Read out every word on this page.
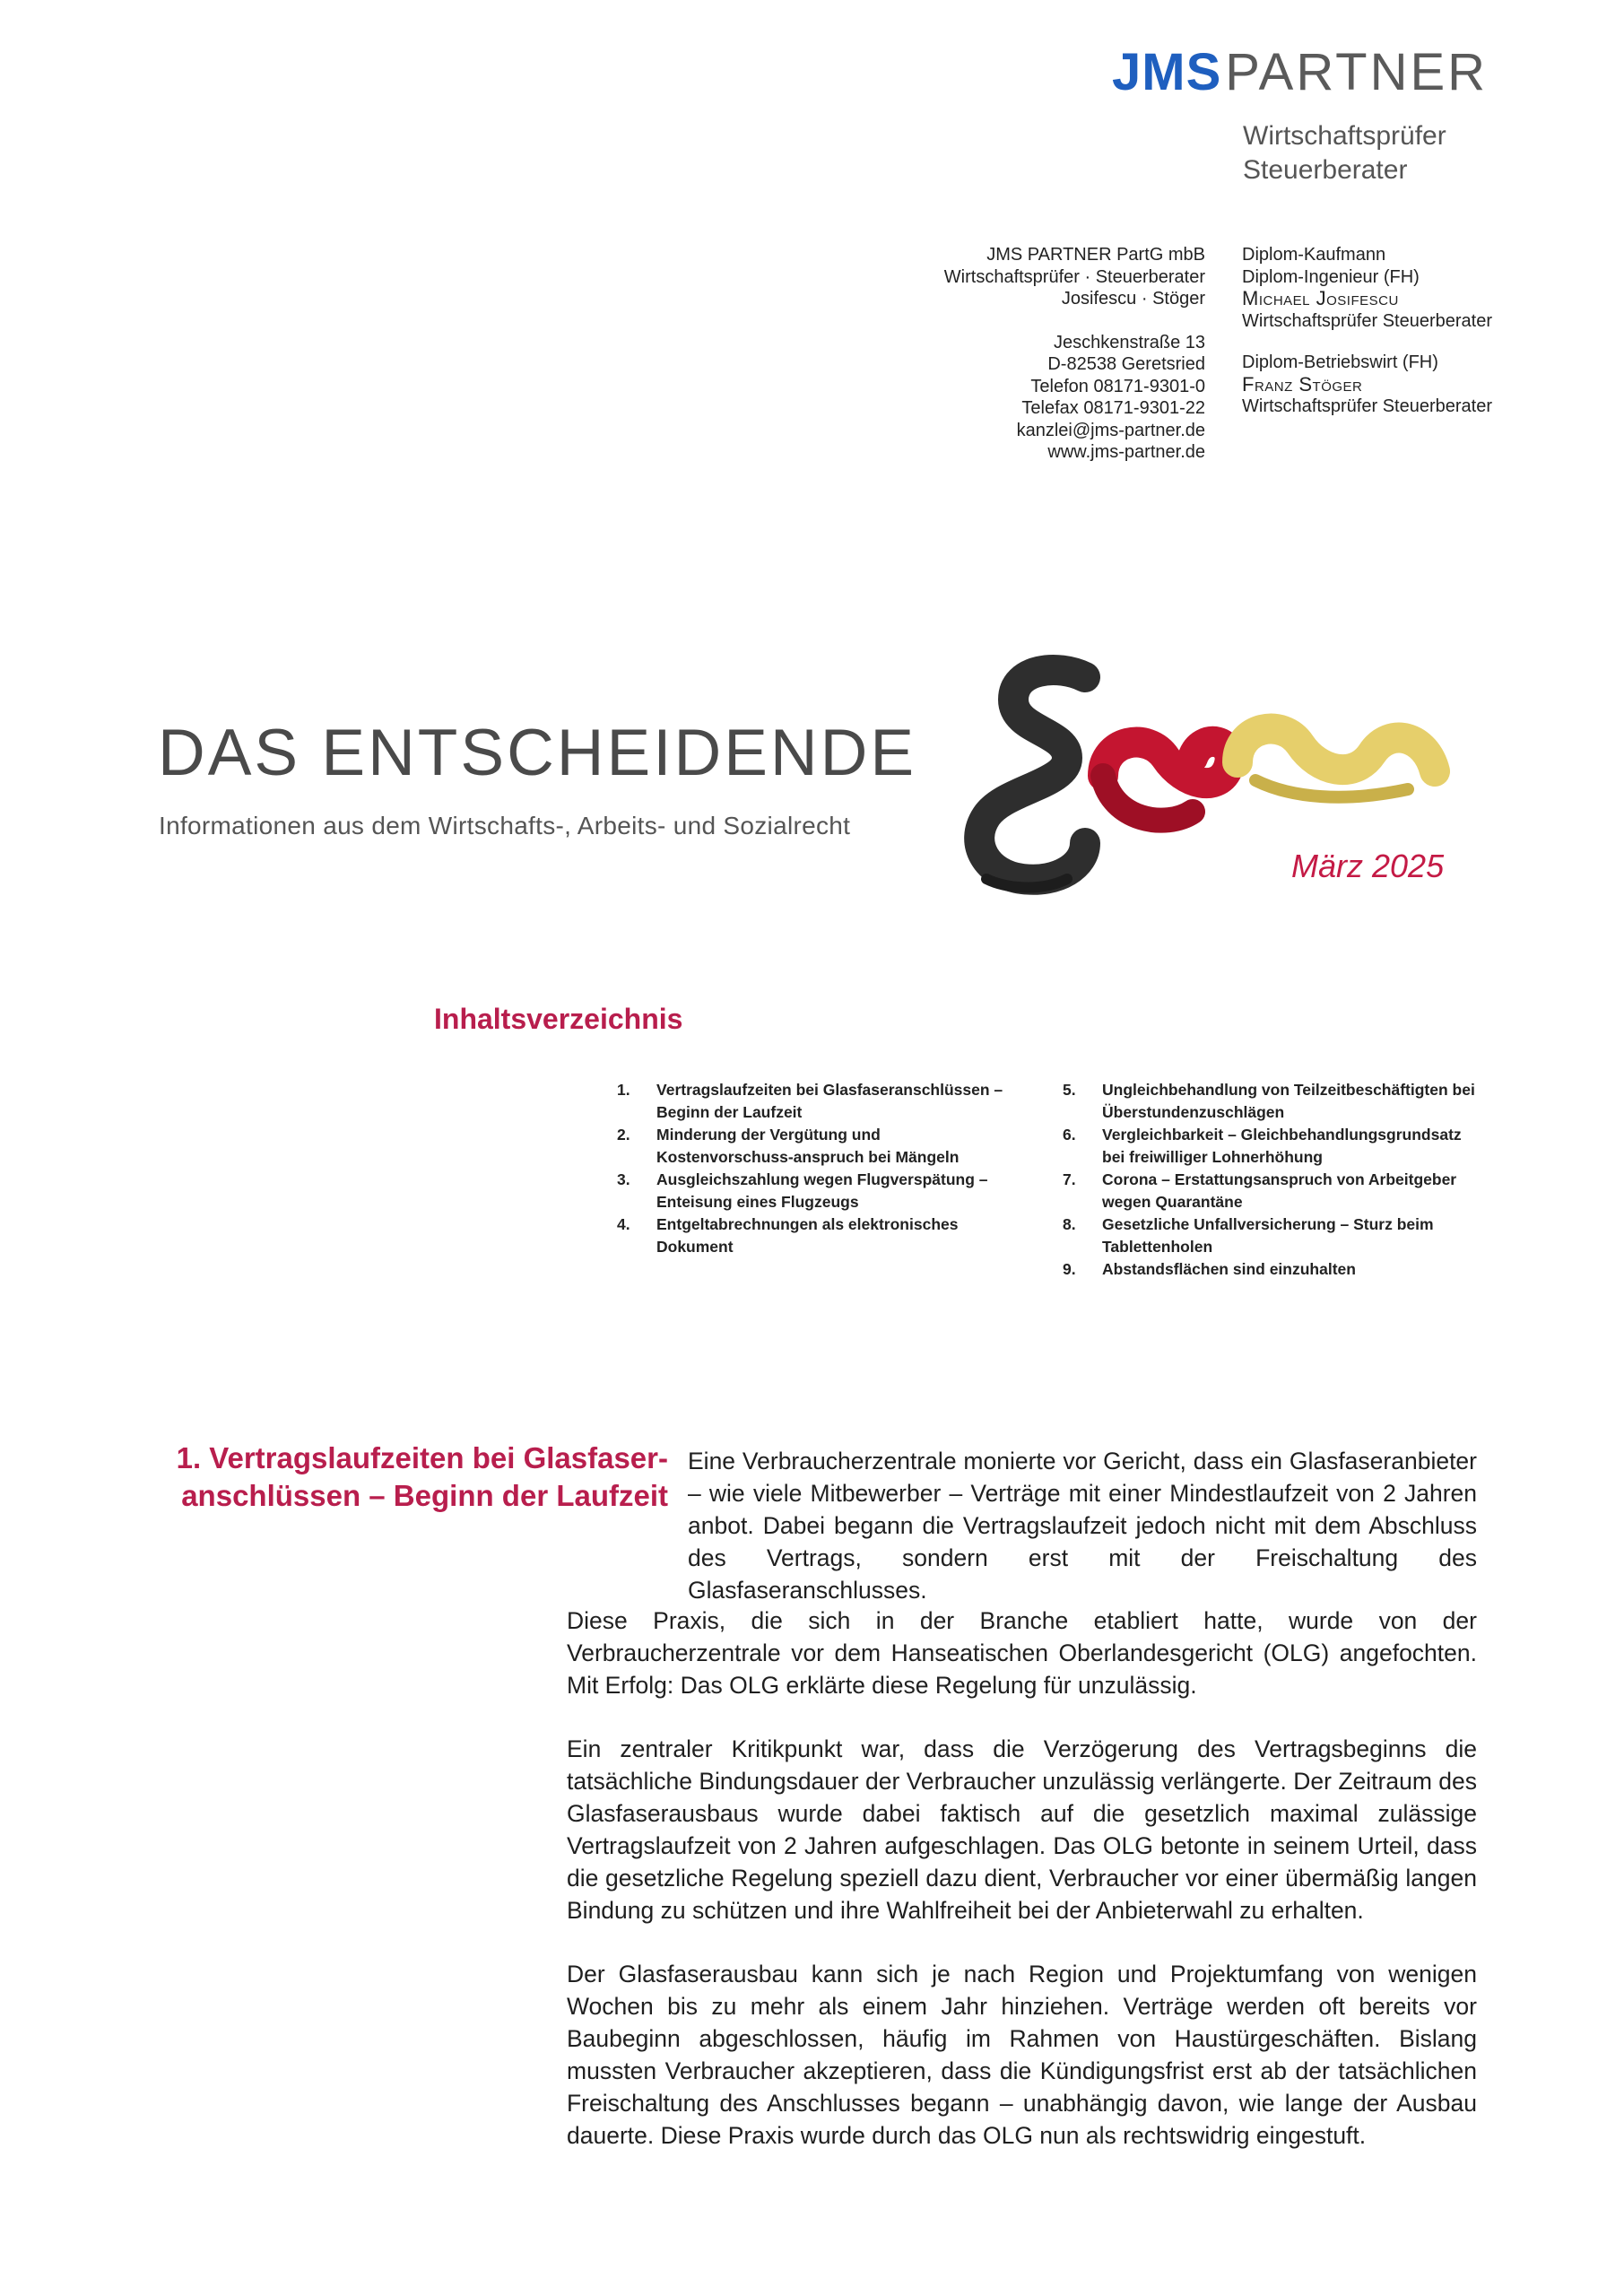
JMSPARTNER
Wirtschaftsprüfer
Steuerberater
JMS PARTNER PartG mbB
Wirtschaftsprüfer · Steuerberater
Josifescu · Stöger
Jeschkenstraße 13
D-82538 Geretsried
Telefon 08171-9301-0
Telefax 08171-9301-22
kanzlei@jms-partner.de
www.jms-partner.de
Diplom-Kaufmann
Diplom-Ingenieur (FH)
Michael Josifescu
Wirtschaftsprüfer Steuerberater
Diplom-Betriebswirt (FH)
Franz Stöger
Wirtschaftsprüfer Steuerberater
DAS ENTSCHEIDENDE
Informationen aus dem Wirtschafts-, Arbeits- und Sozialrecht
März 2025
Inhaltsverzeichnis
1.	Vertragslaufzeiten bei Glasfaseranschlüssen – Beginn der Laufzeit
2.	Minderung der Vergütung und Kostenvorschuss-anspruch bei Mängeln
3.	Ausgleichszahlung wegen Flugverspätung – Enteisung eines Flugzeugs
4.	Entgeltabrechnungen als elektronisches Dokument
5.	Ungleichbehandlung von Teilzeitbeschäftigten bei Überstundenzuschlägen
6.	Vergleichbarkeit – Gleichbehandlungsgrundsatz bei freiwilliger Lohnerhöhung
7.	Corona – Erstattungsanspruch von Arbeitgeber wegen Quarantäne
8.	Gesetzliche Unfallversicherung – Sturz beim Tablettenholen
9.	Abstandsflächen sind einzuhalten
1. Vertragslaufzeiten bei Glasfaser-
anschlüssen – Beginn der Laufzeit
Eine Verbraucherzentrale monierte vor Gericht, dass ein Glasfaseranbieter – wie viele Mitbewerber – Verträge mit einer Mindestlaufzeit von 2 Jahren anbot. Dabei begann die Vertragslaufzeit jedoch nicht mit dem Abschluss des Vertrags, sondern erst mit der Freischaltung des Glasfaseranschlusses.
Diese Praxis, die sich in der Branche etabliert hatte, wurde von der Verbraucherzentrale vor dem Hanseatischen Oberlandesgericht (OLG) angefochten. Mit Erfolg: Das OLG erklärte diese Regelung für unzulässig.
Ein zentraler Kritikpunkt war, dass die Verzögerung des Vertragsbeginns die tatsächliche Bindungsdauer der Verbraucher unzulässig verlängerte. Der Zeitraum des Glasfaserausbaus wurde dabei faktisch auf die gesetzlich maximal zulässige Vertragslaufzeit von 2 Jahren aufgeschlagen. Das OLG betonte in seinem Urteil, dass die gesetzliche Regelung speziell dazu dient, Verbraucher vor einer übermäßig langen Bindung zu schützen und ihre Wahlfreiheit bei der Anbieterwahl zu erhalten.
Der Glasfaserausbau kann sich je nach Region und Projektumfang von wenigen Wochen bis zu mehr als einem Jahr hinziehen. Verträge werden oft bereits vor Baubeginn abgeschlossen, häufig im Rahmen von Haustürgeschäften. Bislang mussten Verbraucher akzeptieren, dass die Kündigungsfrist erst ab der tatsächlichen Freischaltung des Anschlusses begann – unabhängig davon, wie lange der Ausbau dauerte. Diese Praxis wurde durch das OLG nun als rechtswidrig eingestuft.
